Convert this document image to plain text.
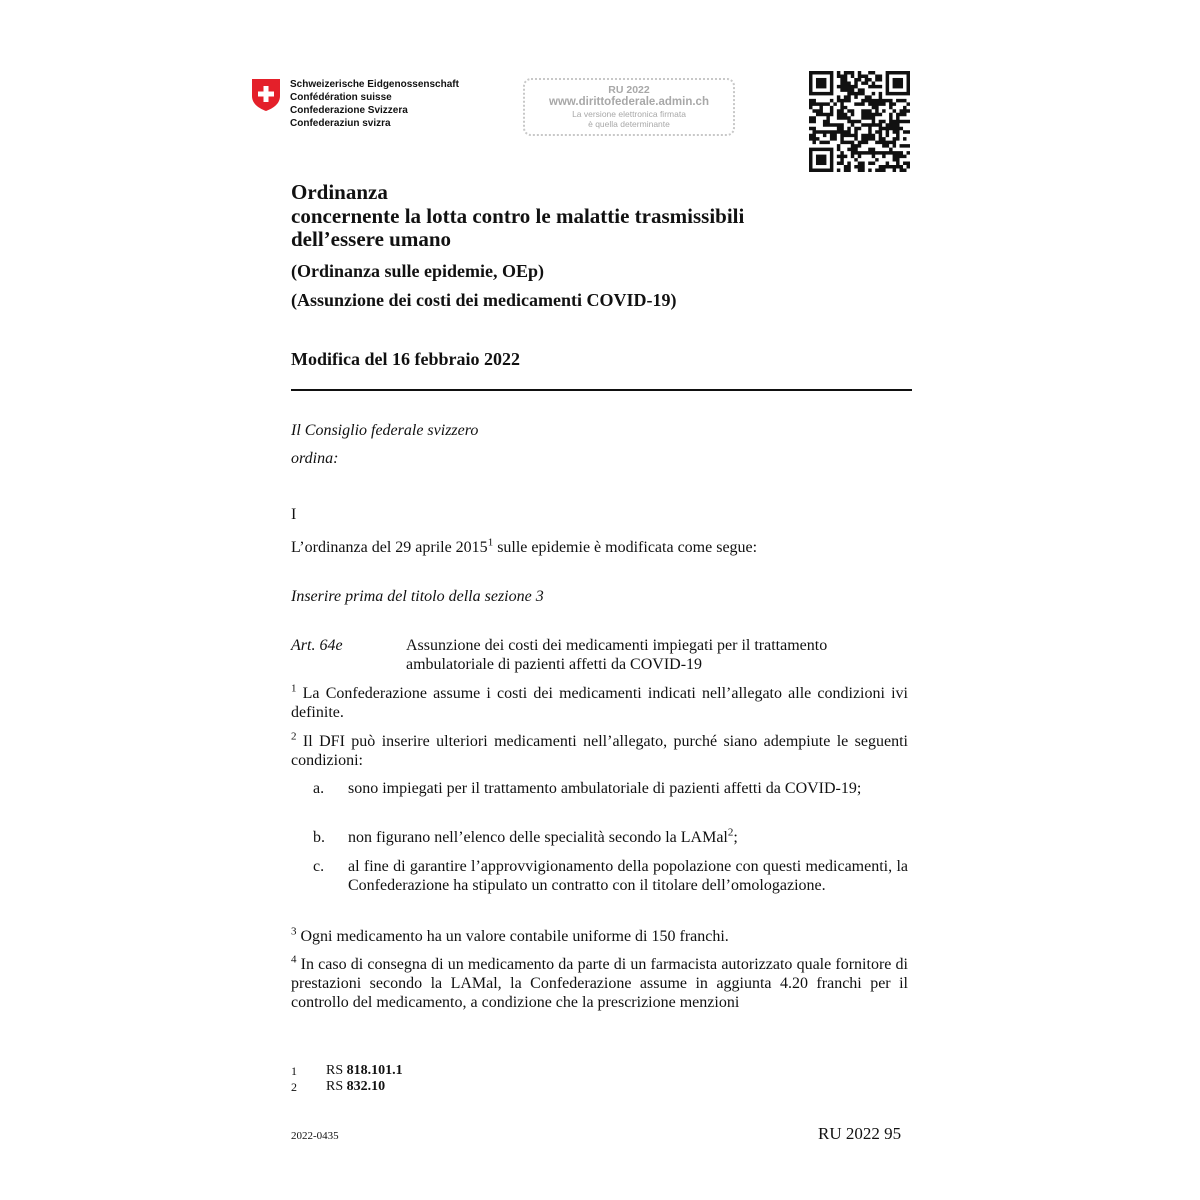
Schweizerische Eidgenossenschaft
Confédération suisse
Confederazione Svizzera
Confederaziun svizra
RU 2022
www.dirittofederale.admin.ch
La versione elettronica firmata
è quella determinante
Ordinanza
concernente la lotta contro le malattie trasmissibili
dell’essere umano
(Ordinanza sulle epidemie, OEp)
(Assunzione dei costi dei medicamenti COVID-19)
Modifica del 16 febbraio 2022
Il Consiglio federale svizzero
ordina:
I
L’ordinanza del 29 aprile 2015$^1$ sulle epidemie è modificata come segue:
Inserire prima del titolo della sezione 3
Art. 64e	Assunzione dei costi dei medicamenti impiegati per il trattamento ambulatoriale di pazienti affetti da COVID-19
$^1$ La Confederazione assume i costi dei medicamenti indicati nell’allegato alle condizioni ivi definite.
$^2$ Il DFI può inserire ulteriori medicamenti nell’allegato, purché siano adempiute le seguenti condizioni:
a. sono impiegati per il trattamento ambulatoriale di pazienti affetti da COVID-19;
b. non figurano nell’elenco delle specialità secondo la LAMal$^2$;
c. al fine di garantire l’approvvigionamento della popolazione con questi medicamenti, la Confederazione ha stipulato un contratto con il titolare dell’omologazione.
$^3$ Ogni medicamento ha un valore contabile uniforme di 150 franchi.
$^4$ In caso di consegna di un medicamento da parte di un farmacista autorizzato quale fornitore di prestazioni secondo la LAMal, la Confederazione assume in aggiunta 4.20 franchi per il controllo del medicamento, a condizione che la prescrizione menzioni
1 RS 818.101.1
2 RS 832.10
2022-0435	RU 2022 95
